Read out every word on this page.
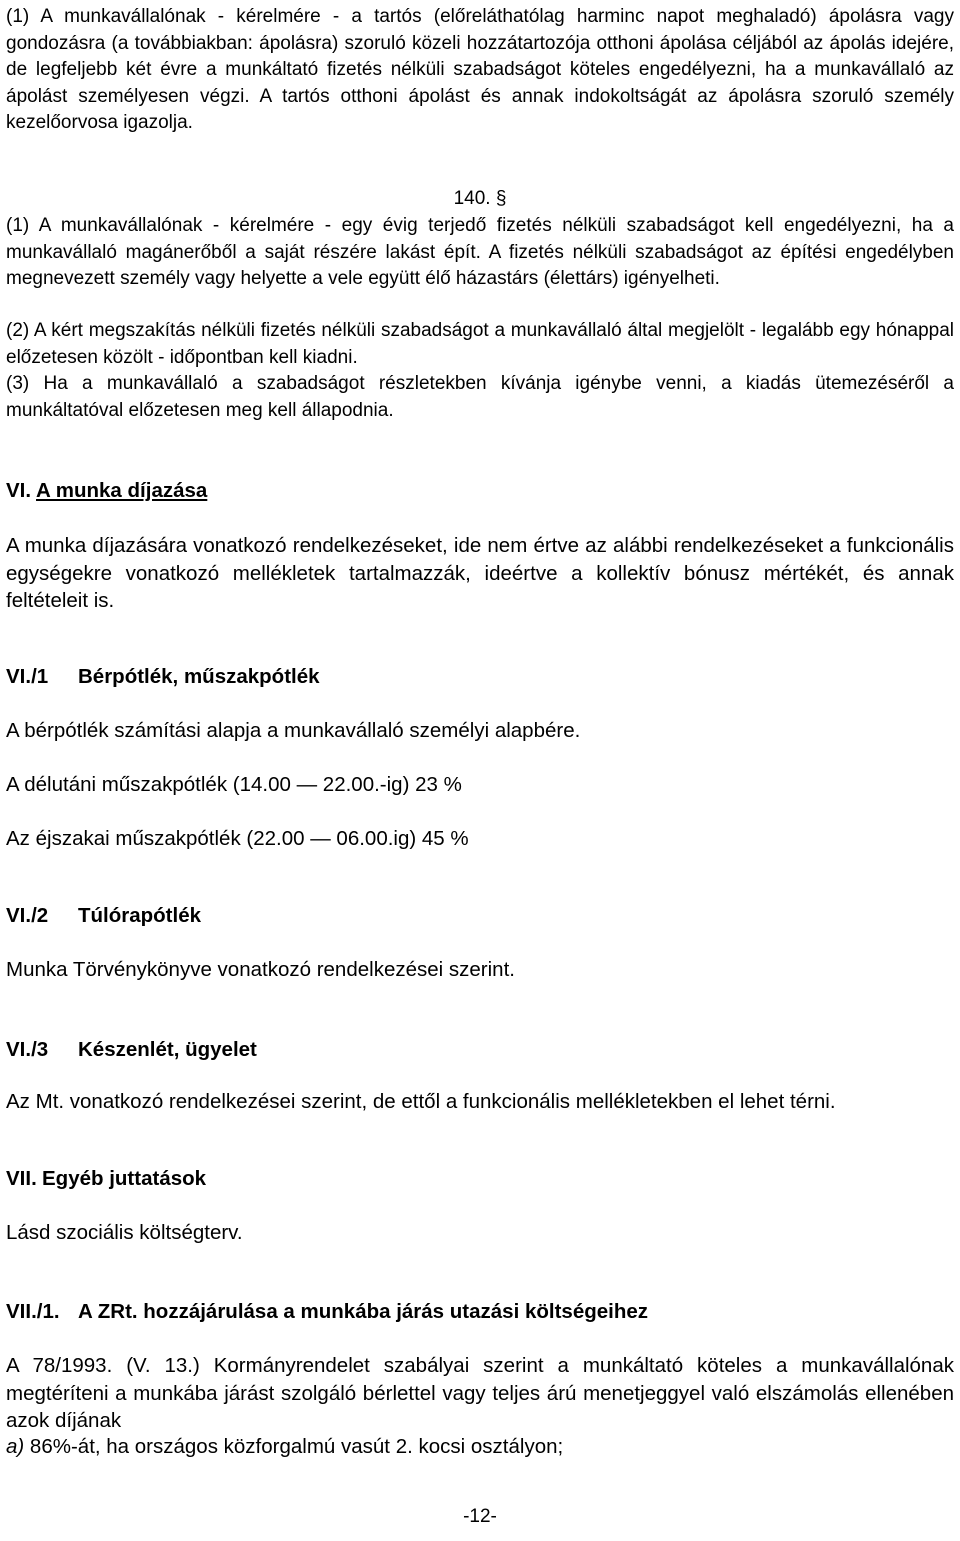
(1) A munkavállalónak - kérelmére - a tartós (előreláthatólag harminc napot meghaladó) ápolásra vagy gondozásra (a továbbiakban: ápolásra) szoruló közeli hozzátartozója otthoni ápolása céljából az ápolás idejére, de legfeljebb két évre a munkáltató fizetés nélküli szabadságot köteles engedélyezni, ha a munkavállaló az ápolást személyesen végzi. A tartós otthoni ápolást és annak indokoltságát az ápolásra szoruló személy kezelőorvosa igazolja.

140. §

(1) A munkavállalónak - kérelmére - egy évig terjedő fizetés nélküli szabadságot kell engedélyezni, ha a munkavállaló magánerőből a saját részére lakást épít. A fizetés nélküli szabadságot az építési engedélyben megnevezett személy vagy helyette a vele együtt élő házastárs (élettárs) igényelheti.

(2) A kért megszakítás nélküli fizetés nélküli szabadságot a munkavállaló által megjelölt - legalább egy hónappal előzetesen közölt - időpontban kell kiadni.

(3) Ha a munkavállaló a szabadságot részletekben kívánja igénybe venni, a kiadás ütemezéséről a munkáltatóval előzetesen meg kell állapodnia.

VI. A munka díjazása

A munka díjazására vonatkozó rendelkezéseket, ide nem értve az alábbi rendelkezéseket a funkcionális egységekre vonatkozó mellékletek tartalmazzák, ideértve a kollektív bónusz mértékét, és annak feltételeit is.

VI./1 Bérpótlék, műszakpótlék

A bérpótlék számítási alapja a munkavállaló személyi alapbére.

A délutáni műszakpótlék (14.00 — 22.00.-ig) 23 %

Az éjszakai műszakpótlék (22.00 — 06.00.ig) 45 %

VI./2 Túlórapótlék

Munka Törvénykönyve vonatkozó rendelkezései szerint.

VI./3 Készenlét, ügyelet

Az Mt. vonatkozó rendelkezései szerint, de ettől a funkcionális mellékletekben el lehet térni.

VII. Egyéb juttatások

Lásd szociális költségterv.

VII./1. A ZRt. hozzájárulása a munkába járás utazási költségeihez

A 78/1993. (V. 13.) Kormányrendelet szabályai szerint a munkáltató köteles a munkavállalónak megtéríteni a munkába járást szolgáló bérlettel vagy teljes árú menetjeggyel való elszámolás ellenében azok díjának

a) 86%-át, ha országos közforgalmú vasút 2. kocsi osztályon;

-12-
